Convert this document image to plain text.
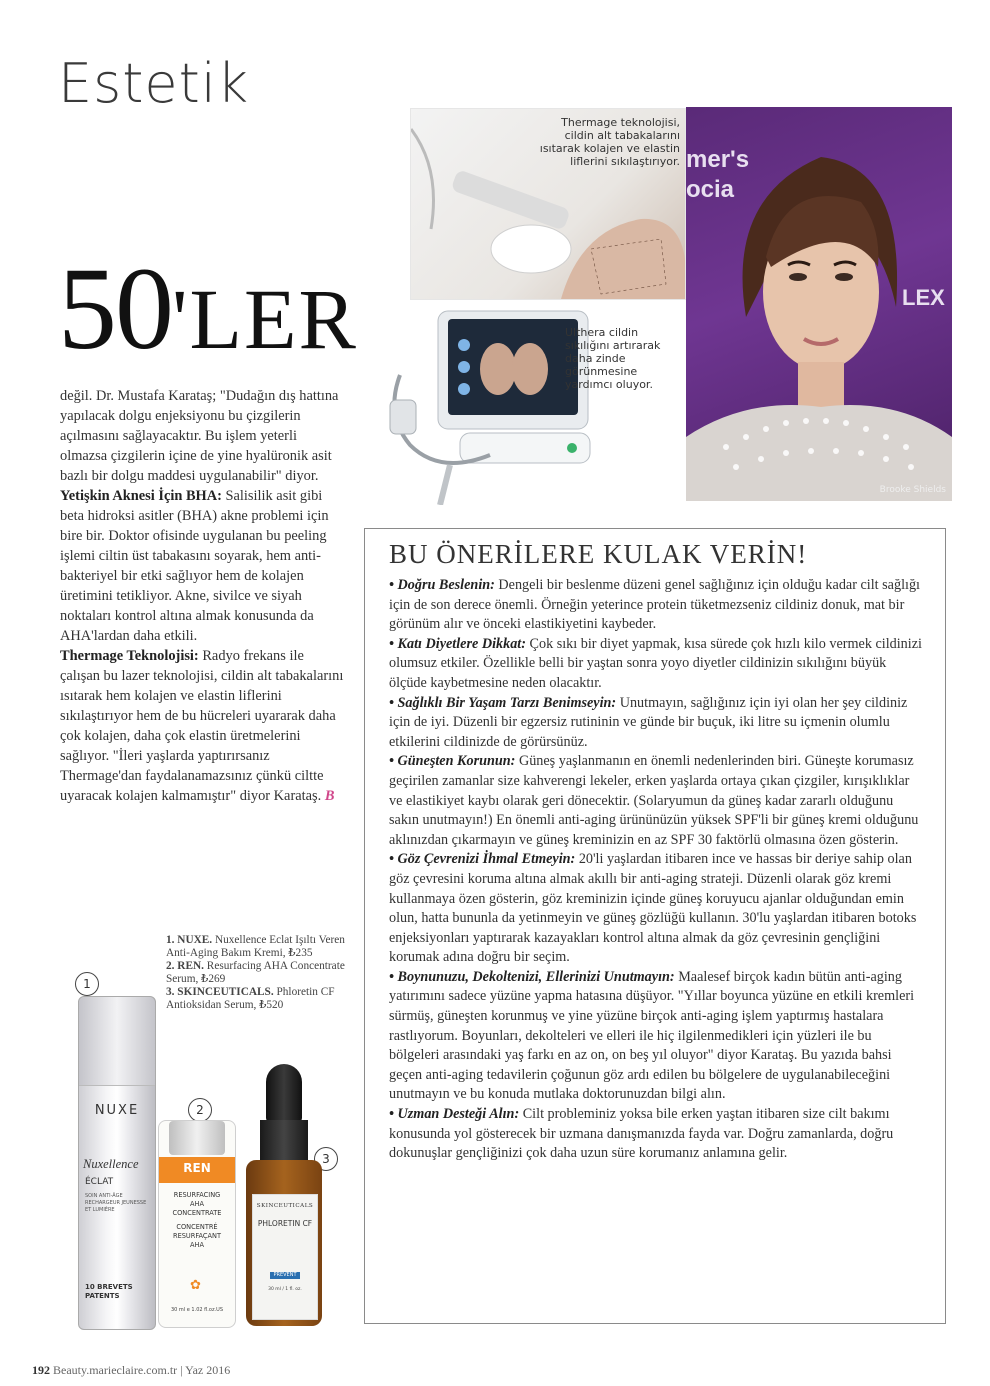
Estetik
50'LER

değil. Dr. Mustafa Karataş; "Dudağın dış hattına yapılacak dolgu enjeksiyonu bu çizgilerin açılmasını sağlayacaktır. Bu işlem yeterli olmazsa çizgilerin içine de yine hyalüronik asit bazlı bir dolgu maddesi uygulanabilir" diyor.

Yetişkin Aknesi İçin BHA: Salisilik asit gibi beta hidroksi asitler (BHA) akne problemi için bire bir. Doktor ofisinde uygulanan bu peeling işlemi ciltin üst tabakasını soyarak, hem anti-bakteriyel bir etki sağlıyor hem de kolajen üretimini tetikliyor. Akne, sivilce ve siyah noktaları kontrol altına almak konusunda da AHA'lardan daha etkili.

Thermage Teknolojisi: Radyo frekans ile çalışan bu lazer teknolojisi, cildin alt tabakalarını ısıtarak hem kolajen ve elastin liflerini sıkılaştırıyor hem de bu hücreleri uyararak daha çok kolajen, daha çok elastin üretmelerini sağlıyor. "İleri yaşlarda yaptırırsanız Thermage'dan faydalanamazsınız çünkü ciltte uyaracak kolajen kalmamıştır" diyor Karataş. B

Thermage teknolojisi, cildin alt tabakalarını ısıtarak kolajen ve elastin liflerini sıkılaştırıyor.
Ulthera cildin sıkılığını artırarak daha zinde görünmesine yardımcı oluyor.
mer's
ocia
LEX
Brooke Shields
BU ÖNERİLERE KULAK VERİN!

• Doğru Beslenin: Dengeli bir beslenme düzeni genel sağlığınız için olduğu kadar cilt sağlığı için de son derece önemli. Örneğin yeterince protein tüketmezseniz cildiniz donuk, mat bir görünüm alır ve önceki elastikiyetini kaybeder.

• Katı Diyetlere Dikkat: Çok sıkı bir diyet yapmak, kısa sürede çok hızlı kilo vermek cildinizi olumsuz etkiler. Özellikle belli bir yaştan sonra yoyo diyetler cildinizin sıkılığını büyük ölçüde kaybetmesine neden olacaktır.

• Sağlıklı Bir Yaşam Tarzı Benimseyin: Unutmayın, sağlığınız için iyi olan her şey cildiniz için de iyi. Düzenli bir egzersiz rutininin ve günde bir buçuk, iki litre su içmenin olumlu etkilerini cildinizde de görürsünüz.

• Güneşten Korunun: Güneş yaşlanmanın en önemli nedenlerinden biri. Güneşte korumasız geçirilen zamanlar size kahverengi lekeler, erken yaşlarda ortaya çıkan çizgiler, kırışıklıklar ve elastikiyet kaybı olarak geri dönecektir. (Solaryumun da güneş kadar zararlı olduğunu sakın unutmayın!) En önemli anti-aging ürününüzün yüksek SPF'li bir güneş kremi olduğunu aklınızdan çıkarmayın ve güneş kreminizin en az SPF 30 faktörlü olmasına özen gösterin.

• Göz Çevrenizi İhmal Etmeyin: 20'li yaşlardan itibaren ince ve hassas bir deriye sahip olan göz çevresini koruma altına almak akıllı bir anti-aging strateji. Düzenli olarak göz kremi kullanmaya özen gösterin, göz kreminizin içinde güneş koruyucu ajanlar olduğundan emin olun, hatta bununla da yetinmeyin ve güneş gözlüğü kullanın. 30'lu yaşlardan itibaren botoks enjeksiyonları yaptırarak kazayakları kontrol altına almak da göz çevresinin gençliğini korumak adına doğru bir seçim.

• Boynunuzu, Dekoltenizi, Ellerinizi Unutmayın: Maalesef birçok kadın bütün anti-aging yatırımını sadece yüzüne yapma hatasına düşüyor. "Yıllar boyunca yüzüne en etkili kremleri sürmüş, güneşten korunmuş ve yine yüzüne birçok anti-aging işlem yaptırmış hastalara rastlıyorum. Boyunları, dekolteleri ve elleri ile hiç ilgilenmedikleri için yüzleri ile bu bölgeleri arasındaki yaş farkı en az on, on beş yıl oluyor" diyor Karataş. Bu yazıda bahsi geçen anti-aging tedavilerin çoğunun göz ardı edilen bu bölgelere de uygulanabileceğini unutmayın ve bu konuda mutlaka doktorunuzdan bilgi alın.

• Uzman Desteği Alın: Cilt probleminiz yoksa bile erken yaştan itibaren size cilt bakımı konusunda yol gösterecek bir uzmana danışmanızda fayda var. Doğru zamanlarda, doğru dokunuşlar gençliğinizi çok daha uzun süre korumanız anlamına gelir.

1. NUXE. Nuxellence Eclat Işıltı Veren Anti-Aging Bakım Kremi, ₺235

2. REN. Resurfacing AHA Concentrate Serum, ₺269

3. SKINCEUTICALS. Phloretin CF Antioksidan Serum, ₺520

1
2
3
NUXE
Nuxellence
ÉCLAT
SOIN ANTI-ÂGE RECHARGEUR JEUNESSE ET LUMIÈRE
10 BREVETS PATENTS
REN
RESURFACING
AHA
CONCENTRATE
CONCENTRÉ
RESURFAÇANT
AHA
✿
30 ml e 1.02 fl.oz.US
SKINCEUTICALS
PHLORETIN CF
PREVENT
30 ml / 1 fl. oz.
192 Beauty.marieclaire.com.tr | Yaz 2016
